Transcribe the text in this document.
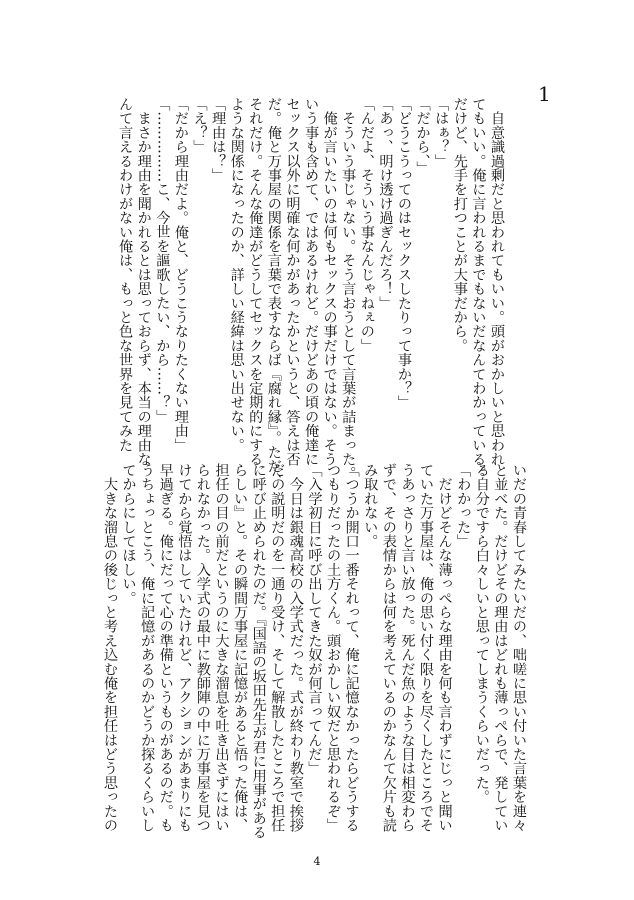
1
　自意識過剰だと思われてもいい。頭がおかしいと思われ
てもいい。俺に言われるまでもないだなんてわかっている。
だけど、先手を打つことが大事だから。
「はぁ？」
「だから、」
「どうこうってのはセックスしたりって事か？」
「あっ、明け透け過ぎんだろ！」
「んだよ、そういう事なんじゃねぇの」
　そういう事じゃない。そう言おうとして言葉が詰まった。
　俺が言いたいのは何もセックスの事だけではない。そう
いう事も含めて、ではあるけれど。だけどあの頃の俺達に
セックス以外に明確な何かがあったかというと、答えは否
だ。俺と万事屋の関係を言葉で表すならば『腐れ縁』。ただ、
それだけ。そんな俺達がどうしてセックスを定期的にする
ような関係になったのか、詳しい経緯は思い出せない。
「理由は？」
「え？」
「だから理由だよ。俺と、どうこうなりたくない理由」
「……………こ、今世を謳歌したい、から……？」
　まさか理由を聞かれるとは思っておらず、本当の理由な
んて言えるわけがない俺は、もっと色な世界を見てみた
いだの青春してみたいだの、咄嗟に思い付いた言葉を連々
と並べた。だけどその理由はどれも薄っぺらで、発してい
る自分ですら白々しいと思ってしまうくらいだった。
「わかった」
　だけどそんな薄っぺらな理由を何も言わずにじっと聞い
ていた万事屋は、俺の思い付く限りを尽くしたところでそ
うあっさりと言い放った。死んだ魚のような目は相変わら
ずで、その表情からは何を考えているのかなんて欠片も読
み取れない。
「つうか開口一番それって、俺に記憶なかったらどうする
つもりだったの土方くん。頭おかしい奴だと思われるぞ」
「入学初日に呼び出してきた奴が何言ってんだ」
　今日は銀魂高校の入学式だった。式が終わり教室で挨拶
だの説明だのを一通り受け、そして解散したところで担任
に呼び止められたのだ。『国語の坂田先生が君に用事がある
らしい』と。その瞬間万事屋に記憶があると悟った俺は、
担任の目の前だというのに大きな溜息を吐き出さずにはい
られなかった。入学式の最中に教師陣の中に万事屋を見つ
けてから覚悟はしていたけれど、アクションがあまりにも
早過ぎる。俺にだって心の準備というものがあるのだ。も
うちょっとこう、俺に記憶があるのかどうか探るくらいし
てからにしてほしい。
　大きな溜息の後じっと考え込む俺を担任はどう思ったの
4
